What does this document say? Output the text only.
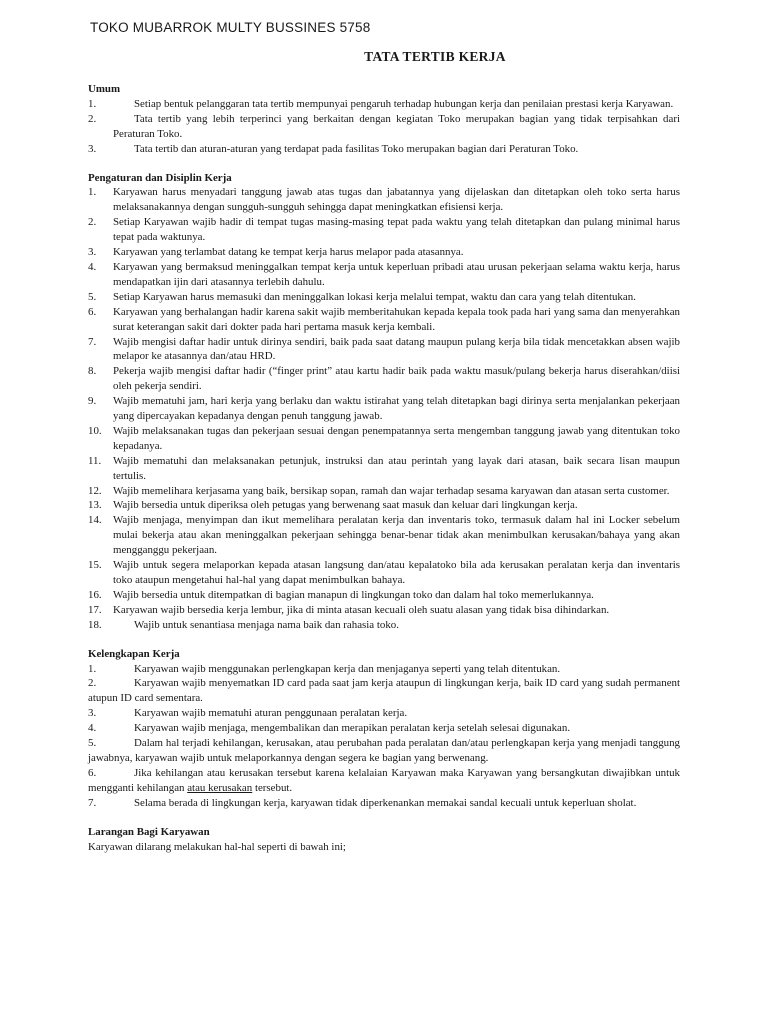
TOKO MUBARROK MULTY BUSSINES 5758
TATA TERTIB KERJA

Umum

1.	Setiap bentuk pelanggaran tata tertib mempunyai pengaruh terhadap hubungan kerja dan penilaian prestasi kerja Karyawan.
2.	Tata tertib yang lebih terperinci yang berkaitan dengan kegiatan Toko merupakan bagian yang tidak terpisahkan dari Peraturan Toko.
3.	Tata tertib dan aturan-aturan yang terdapat pada fasilitas Toko merupakan bagian dari Peraturan Toko.

Pengaturan dan Disiplin Kerja

1. Karyawan harus menyadari tanggung jawab atas tugas dan jabatannya yang dijelaskan dan ditetapkan oleh toko serta harus melaksanakannya dengan sungguh-sungguh sehingga dapat meningkatkan efisiensi kerja.
2. Setiap Karyawan wajib hadir di tempat tugas masing-masing tepat pada waktu yang telah ditetapkan dan pulang minimal harus tepat pada waktunya.
3. Karyawan yang terlambat datang ke tempat kerja harus melapor pada atasannya.
4. Karyawan yang bermaksud meninggalkan tempat kerja untuk keperluan pribadi atau urusan pekerjaan selama waktu kerja, harus mendapatkan ijin dari atasannya terlebih dahulu.
5. Setiap Karyawan harus memasuki dan meninggalkan lokasi kerja melalui tempat, waktu dan cara yang telah ditentukan.
6. Karyawan yang berhalangan hadir karena sakit wajib memberitahukan kepada kepala took pada hari yang sama dan menyerahkan surat keterangan sakit dari dokter pada hari pertama masuk kerja kembali.
7. Wajib mengisi daftar hadir untuk dirinya sendiri, baik pada saat datang maupun pulang kerja bila tidak mencetakkan absen wajib melapor ke atasannya dan/atau HRD.
8. Pekerja wajib mengisi daftar hadir (“finger print” atau kartu hadir baik pada waktu masuk/pulang bekerja harus diserahkan/diisi oleh pekerja sendiri.
9. Wajib mematuhi jam, hari kerja yang berlaku dan waktu istirahat yang telah ditetapkan bagi dirinya serta menjalankan pekerjaan yang dipercayakan kepadanya dengan penuh tanggung jawab.
10. Wajib melaksanakan tugas dan pekerjaan sesuai dengan penempatannya serta mengemban tanggung jawab yang ditentukan toko kepadanya.
11. Wajib mematuhi dan melaksanakan petunjuk, instruksi dan atau perintah yang layak dari atasan, baik secara lisan maupun tertulis.
12. Wajib memelihara kerjasama yang baik, bersikap sopan, ramah dan wajar terhadap sesama karyawan dan atasan serta customer.
13. Wajib bersedia untuk diperiksa oleh petugas yang berwenang saat masuk dan keluar dari lingkungan kerja.
14. Wajib menjaga, menyimpan dan ikut memelihara peralatan kerja dan inventaris toko, termasuk dalam hal ini Locker sebelum mulai bekerja atau akan meninggalkan pekerjaan sehingga benar-benar tidak akan menimbulkan kerusakan/bahaya yang akan mengganggu pekerjaan.
15. Wajib untuk segera melaporkan kepada atasan langsung dan/atau kepalatoko bila ada kerusakan peralatan kerja dan inventaris toko ataupun mengetahui hal-hal yang dapat menimbulkan bahaya.
16. Wajib bersedia untuk ditempatkan di bagian manapun di lingkungan toko dan dalam hal toko memerlukannya.
17. Karyawan wajib bersedia kerja lembur, jika di minta atasan kecuali oleh suatu alasan yang tidak bisa dihindarkan.
18.	Wajib untuk senantiasa menjaga nama baik dan rahasia toko.

Kelengkapan Kerja

1.	Karyawan wajib menggunakan perlengkapan kerja dan menjaganya seperti yang telah ditentukan.
2.	Karyawan wajib menyematkan ID card pada saat jam kerja ataupun di lingkungan kerja, baik ID card yang sudah permanent atupun ID card sementara.
3.	Karyawan wajib mematuhi aturan penggunaan peralatan kerja.
4.	Karyawan wajib menjaga, mengembalikan dan merapikan peralatan kerja setelah selesai digunakan.
5.	Dalam hal terjadi kehilangan, kerusakan, atau perubahan pada peralatan dan/atau perlengkapan kerja yang menjadi tanggung jawabnya, karyawan wajib untuk melaporkannya dengan segera ke bagian yang berwenang.
6.	Jika kehilangan atau kerusakan tersebut karena kelalaian Karyawan maka Karyawan yang bersangkutan diwajibkan untuk mengganti kehilangan atau kerusakan tersebut.
7.	Selama berada di lingkungan kerja, karyawan tidak diperkenankan memakai sandal kecuali untuk keperluan sholat.

Larangan Bagi Karyawan

Karyawan dilarang melakukan hal-hal seperti di bawah ini;
